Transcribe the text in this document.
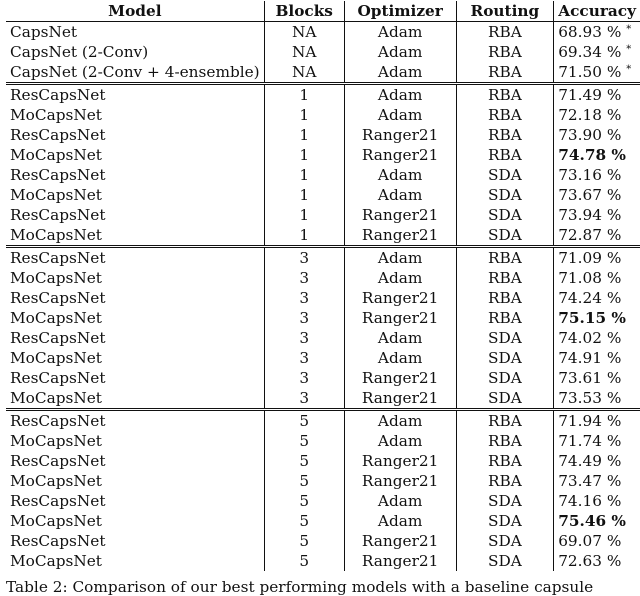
Model	Blocks	Optimizer	Routing	Accuracy
CapsNet	NA	Adam	RBA	68.93 % *
CapsNet (2-Conv)	NA	Adam	RBA	69.34 % *
CapsNet (2-Conv + 4-ensemble)	NA	Adam	RBA	71.50 % *
ResCapsNet	1	Adam	RBA	71.49 %
MoCapsNet	1	Adam	RBA	72.18 %
ResCapsNet	1	Ranger21	RBA	73.90 %
MoCapsNet	1	Ranger21	RBA	74.78 %
ResCapsNet	1	Adam	SDA	73.16 %
MoCapsNet	1	Adam	SDA	73.67 %
ResCapsNet	1	Ranger21	SDA	73.94 %
MoCapsNet	1	Ranger21	SDA	72.87 %
ResCapsNet	3	Adam	RBA	71.09 %
MoCapsNet	3	Adam	RBA	71.08 %
ResCapsNet	3	Ranger21	RBA	74.24 %
MoCapsNet	3	Ranger21	RBA	75.15 %
ResCapsNet	3	Adam	SDA	74.02 %
MoCapsNet	3	Adam	SDA	74.91 %
ResCapsNet	3	Ranger21	SDA	73.61 %
MoCapsNet	3	Ranger21	SDA	73.53 %
ResCapsNet	5	Adam	RBA	71.94 %
MoCapsNet	5	Adam	RBA	71.74 %
ResCapsNet	5	Ranger21	RBA	74.49 %
MoCapsNet	5	Ranger21	RBA	73.47 %
ResCapsNet	5	Adam	SDA	74.16 %
MoCapsNet	5	Adam	SDA	75.46 %
ResCapsNet	5	Ranger21	SDA	69.07 %
MoCapsNet	5	Ranger21	SDA	72.63 %
Table 2: Comparison of our best performing models with a baseline capsule
